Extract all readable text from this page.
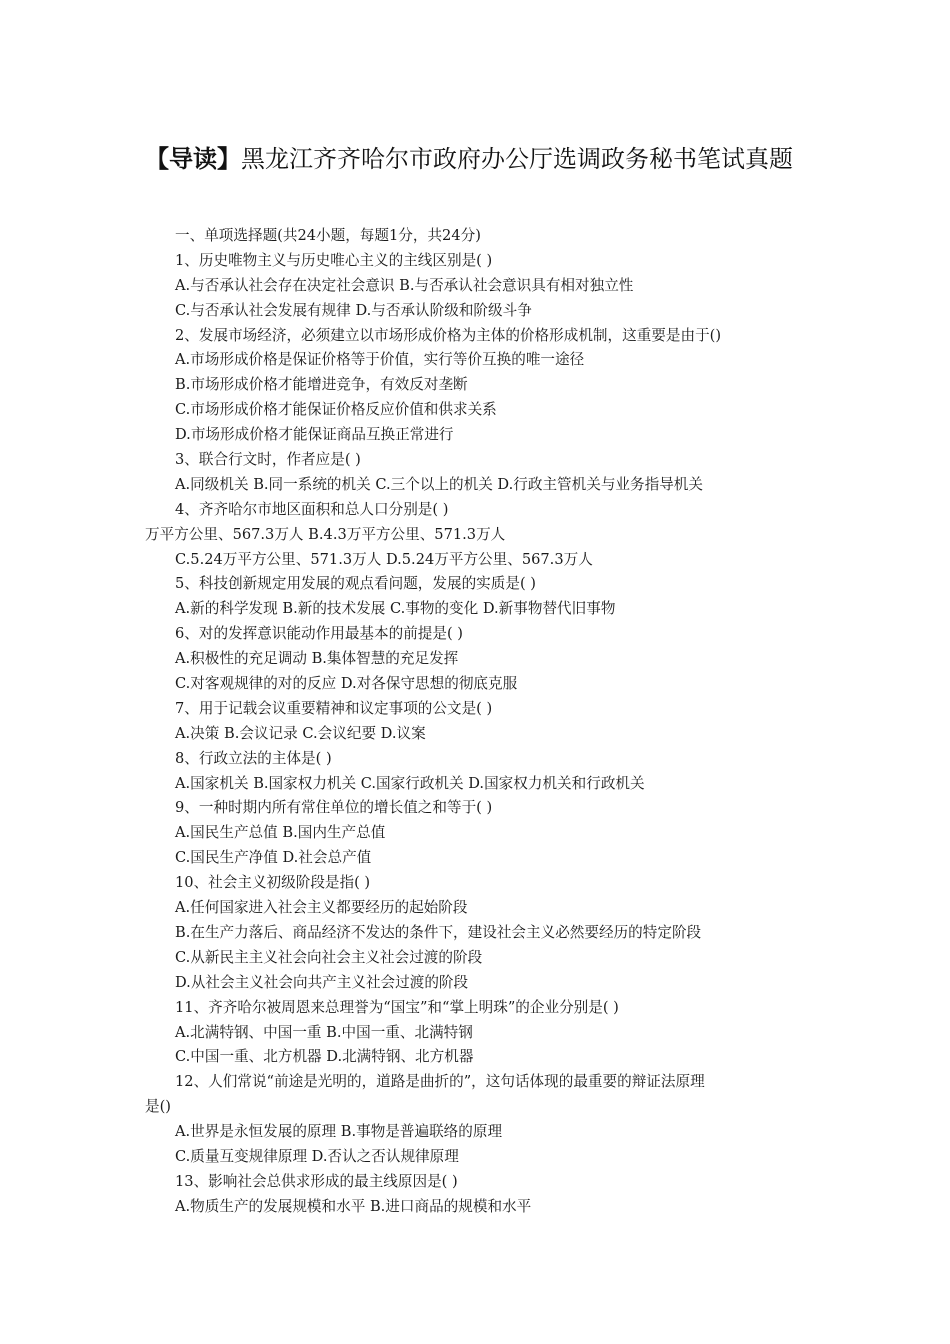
【导读】黑龙江齐齐哈尔市政府办公厅选调政务秘书笔试真题
一、单项选择题(共24小题，每题1分，共24分)
1、历史唯物主义与历史唯心主义的主线区别是( )
A.与否承认社会存在决定社会意识 B.与否承认社会意识具有相对独立性
C.与否承认社会发展有规律 D.与否承认阶级和阶级斗争
2、发展市场经济，必须建立以市场形成价格为主体的价格形成机制，这重要是由于()
A.市场形成价格是保证价格等于价值，实行等价互换的唯一途径
B.市场形成价格才能增进竞争，有效反对垄断
C.市场形成价格才能保证价格反应价值和供求关系
D.市场形成价格才能保证商品互换正常进行
3、联合行文时，作者应是( )
A.同级机关 B.同一系统的机关 C.三个以上的机关 D.行政主管机关与业务指导机关
4、齐齐哈尔市地区面积和总人口分别是( )
万平方公里、567.3万人 B.4.3万平方公里、571.3万人
C.5.24万平方公里、571.3万人 D.5.24万平方公里、567.3万人
5、科技创新规定用发展的观点看问题，发展的实质是( )
A.新的科学发现 B.新的技术发展 C.事物的变化 D.新事物替代旧事物
6、对的发挥意识能动作用最基本的前提是( )
A.积极性的充足调动 B.集体智慧的充足发挥
C.对客观规律的对的反应 D.对各保守思想的彻底克服
7、用于记载会议重要精神和议定事项的公文是( )
A.决策 B.会议记录 C.会议纪要 D.议案
8、行政立法的主体是( )
A.国家机关 B.国家权力机关 C.国家行政机关 D.国家权力机关和行政机关
9、一种时期内所有常住单位的增长值之和等于( )
A.国民生产总值 B.国内生产总值
C.国民生产净值 D.社会总产值
10、社会主义初级阶段是指( )
A.任何国家进入社会主义都要经历的起始阶段
B.在生产力落后、商品经济不发达的条件下，建设社会主义必然要经历的特定阶段
C.从新民主主义社会向社会主义社会过渡的阶段
D.从社会主义社会向共产主义社会过渡的阶段
11、齐齐哈尔被周恩来总理誉为“国宝”和“掌上明珠”的企业分别是( )
A.北满特钢、中国一重 B.中国一重、北满特钢
C.中国一重、北方机器 D.北满特钢、北方机器
12、人们常说“前途是光明的，道路是曲折的”，这句话体现的最重要的辩证法原理
是()
A.世界是永恒发展的原理 B.事物是普遍联络的原理
C.质量互变规律原理 D.否认之否认规律原理
13、影响社会总供求形成的最主线原因是( )
A.物质生产的发展规模和水平 B.进口商品的规模和水平
